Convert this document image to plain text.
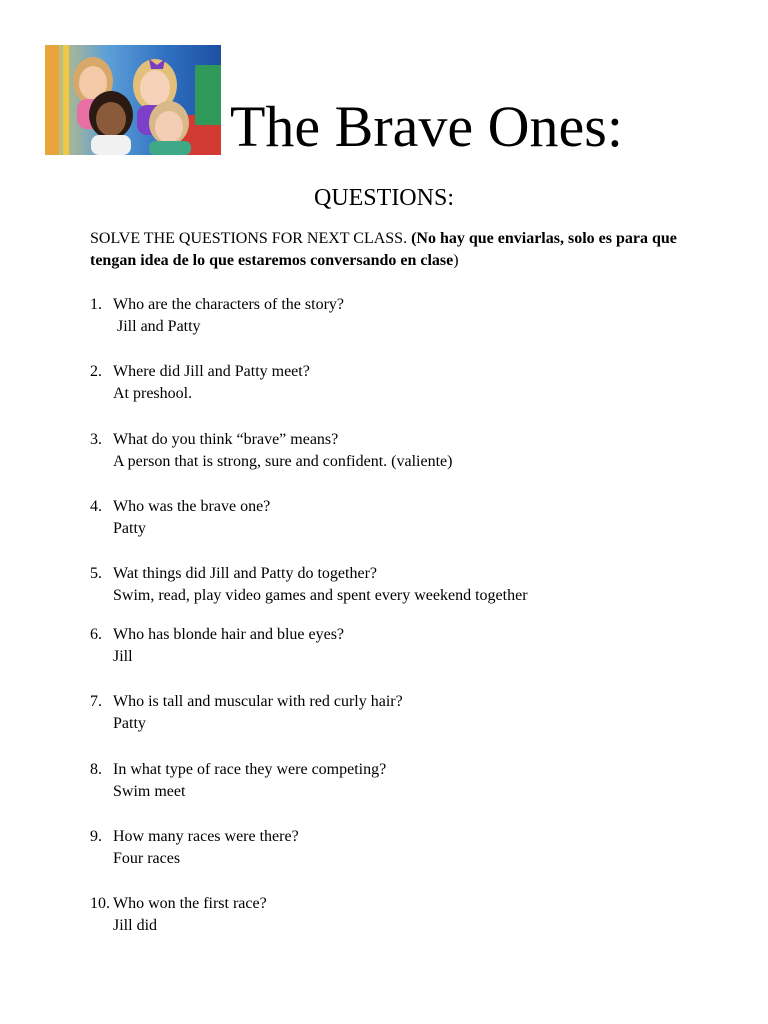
The Brave Ones:
QUESTIONS:
SOLVE THE QUESTIONS FOR NEXT CLASS. (No hay que enviarlas, solo es para que tengan idea de lo que estaremos conversando en clase)
1. Who are the characters of the story?
Jill and Patty
2. Where did Jill and Patty meet?
At preshool.
3. What do you think “brave” means?
A person that is strong, sure and confident. (valiente)
4. Who was the brave one?
Patty
5. Wat things did Jill and Patty do together?
Swim, read, play video games and spent every weekend together
6. Who has blonde hair and blue eyes?
Jill
7. Who is tall and muscular with red curly hair?
Patty
8. In what type of race they were competing?
Swim meet
9. How many races were there?
Four races
10. Who won the first race?
Jill did
